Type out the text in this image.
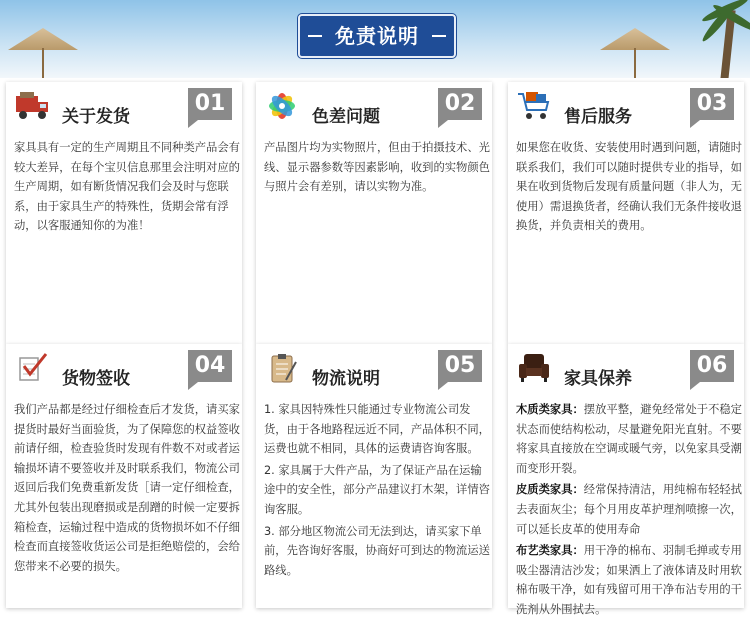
免责说明
关于发货
01
家具具有一定的生产周期且不同种类产品会有较大差异，在每个宝贝信息那里会注明对应的生产周期，如有断货情况我们会及时与您联系，由于家具生产的特殊性，货期会常有浮动，以客服通知你的为准！
色差问题
02
产品图片均为实物照片，但由于拍摄技术、光线、显示器参数等因素影响，收到的实物颜色与照片会有差别，请以实物为准。
售后服务
03
如果您在收货、安装使用时遇到问题，请随时联系我们，我们可以随时提供专业的指导，如果在收到货物后发现有质量问题（非人为，无使用）需退换货者，经确认我们无条件接收退换货，并负责相关的费用。
货物签收
04
我们产品都是经过仔细检查后才发货，请买家提货时最好当面验货，为了保障您的权益签收前请仔细，检查验货时发现有件数不对或者运输损坏请不要签收并及时联系我们，物流公司返回后我们免费重新发货［请一定仔细检查，尤其外包装出现磨损或是刮蹭的时候一定要拆箱检查，运输过程中造成的货物损坏如不仔细检查而直接签收货运公司是拒绝赔偿的，会给您带来不必要的损失。
物流说明
05

1. 家具因特殊性只能通过专业物流公司发货，由于各地路程远近不同，产品体积不同，运费也就不相同，具体的运费请咨询客服。

2. 家具属于大件产品，为了保证产品在运输途中的安全性，部分产品建议打木架，详情咨询客服。

3. 部分地区物流公司无法到达，请买家下单前，先咨询好客服，协商好可到达的物流运送路线。

家具保养
06

木质类家具：摆放平整，避免经常处于不稳定状态而使结构松动，尽量避免阳光直射。不要将家具直接放在空调或暖气旁，以免家具受潮而变形开裂。

皮质类家具：经常保持清洁，用纯棉布轻轻拭去表面灰尘；每个月用皮革护理剂喷擦一次，可以延长皮革的使用寿命

布艺类家具：用干净的棉布、羽制毛掸或专用吸尘器清洁沙发；如果洒上了液体请及时用软棉布吸干净，如有残留可用干净布沾专用的干洗剂从外围拭去。
